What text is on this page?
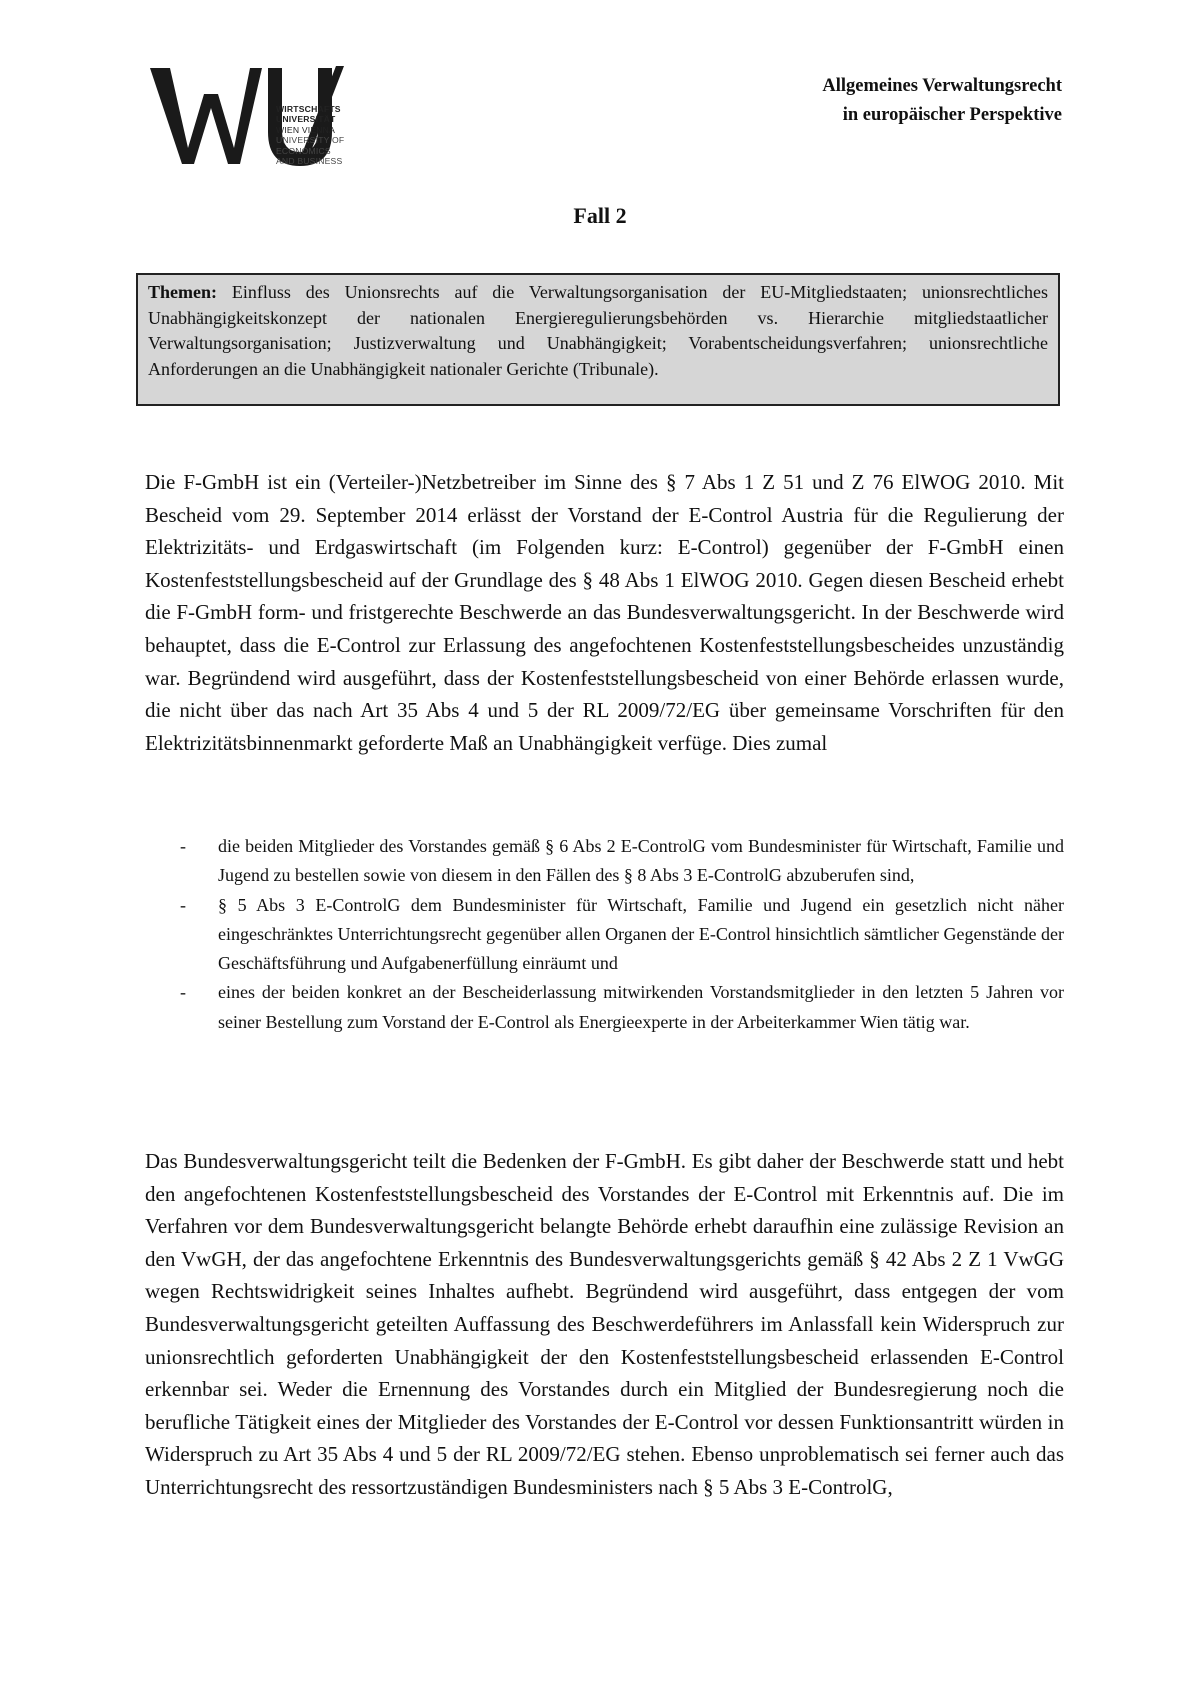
WU
WIRTSCHAFTS
UNIVERSITÄT
WIEN VIENNA
UNIVERSITY OF
ECONOMICS
AND BUSINESS
Allgemeines Verwaltungsrecht
in europäischer Perspektive
Fall 2
Themen: Einfluss des Unionsrechts auf die Verwaltungsorganisation der EU-Mitgliedstaaten; unionsrechtliches Unabhängigkeitskonzept der nationalen Energieregulierungsbehörden vs. Hierarchie mitgliedstaatlicher Verwaltungsorganisation; Justizverwaltung und Unabhängigkeit; Vorabentscheidungsverfahren; unionsrechtliche Anforderungen an die Unabhängigkeit nationaler Gerichte (Tribunale).
Die F-GmbH ist ein (Verteiler-)Netzbetreiber im Sinne des § 7 Abs 1 Z 51 und Z 76 ElWOG 2010. Mit Bescheid vom 29. September 2014 erlässt der Vorstand der E-Control Austria für die Regulierung der Elektrizitäts- und Erdgaswirtschaft (im Folgenden kurz: E-Control) gegenüber der F-GmbH einen Kostenfeststellungsbescheid auf der Grundlage des § 48 Abs 1 ElWOG 2010. Gegen diesen Bescheid erhebt die F-GmbH form- und fristgerechte Beschwerde an das Bundesverwaltungsgericht. In der Beschwerde wird behauptet, dass die E-Control zur Erlassung des angefochtenen Kostenfeststellungsbescheides unzuständig war. Begründend wird ausgeführt, dass der Kostenfeststellungsbescheid von einer Behörde erlassen wurde, die nicht über das nach Art 35 Abs 4 und 5 der RL 2009/72/EG über gemeinsame Vorschriften für den Elektrizitätsbinnenmarkt geforderte Maß an Unabhängigkeit verfüge. Dies zumal
- die beiden Mitglieder des Vorstandes gemäß § 6 Abs 2 E-ControlG vom Bundesminister für Wirtschaft, Familie und Jugend zu bestellen sowie von diesem in den Fällen des § 8 Abs 3 E-ControlG abzuberufen sind,
- § 5 Abs 3 E-ControlG dem Bundesminister für Wirtschaft, Familie und Jugend ein gesetzlich nicht näher eingeschränktes Unterrichtungsrecht gegenüber allen Organen der E-Control hinsichtlich sämtlicher Gegenstände der Geschäftsführung und Aufgabenerfüllung einräumt und
- eines der beiden konkret an der Bescheiderlassung mitwirkenden Vorstandsmitglieder in den letzten 5 Jahren vor seiner Bestellung zum Vorstand der E-Control als Energieexperte in der Arbeiterkammer Wien tätig war.
Das Bundesverwaltungsgericht teilt die Bedenken der F-GmbH. Es gibt daher der Beschwerde statt und hebt den angefochtenen Kostenfeststellungsbescheid des Vorstandes der E-Control mit Erkenntnis auf. Die im Verfahren vor dem Bundesverwaltungsgericht belangte Behörde erhebt daraufhin eine zulässige Revision an den VwGH, der das angefochtene Erkenntnis des Bundesverwaltungsgerichts gemäß § 42 Abs 2 Z 1 VwGG wegen Rechtswidrigkeit seines Inhaltes aufhebt. Begründend wird ausgeführt, dass entgegen der vom Bundesverwaltungsgericht geteilten Auffassung des Beschwerdeführers im Anlassfall kein Widerspruch zur unionsrechtlich geforderten Unabhängigkeit der den Kostenfeststellungsbescheid erlassenden E-Control erkennbar sei. Weder die Ernennung des Vorstandes durch ein Mitglied der Bundesregierung noch die berufliche Tätigkeit eines der Mitglieder des Vorstandes der E-Control vor dessen Funktionsantritt würden in Widerspruch zu Art 35 Abs 4 und 5 der RL 2009/72/EG stehen. Ebenso unproblematisch sei ferner auch das Unterrichtungsrecht des ressortzuständigen Bundesministers nach § 5 Abs 3 E-ControlG,
